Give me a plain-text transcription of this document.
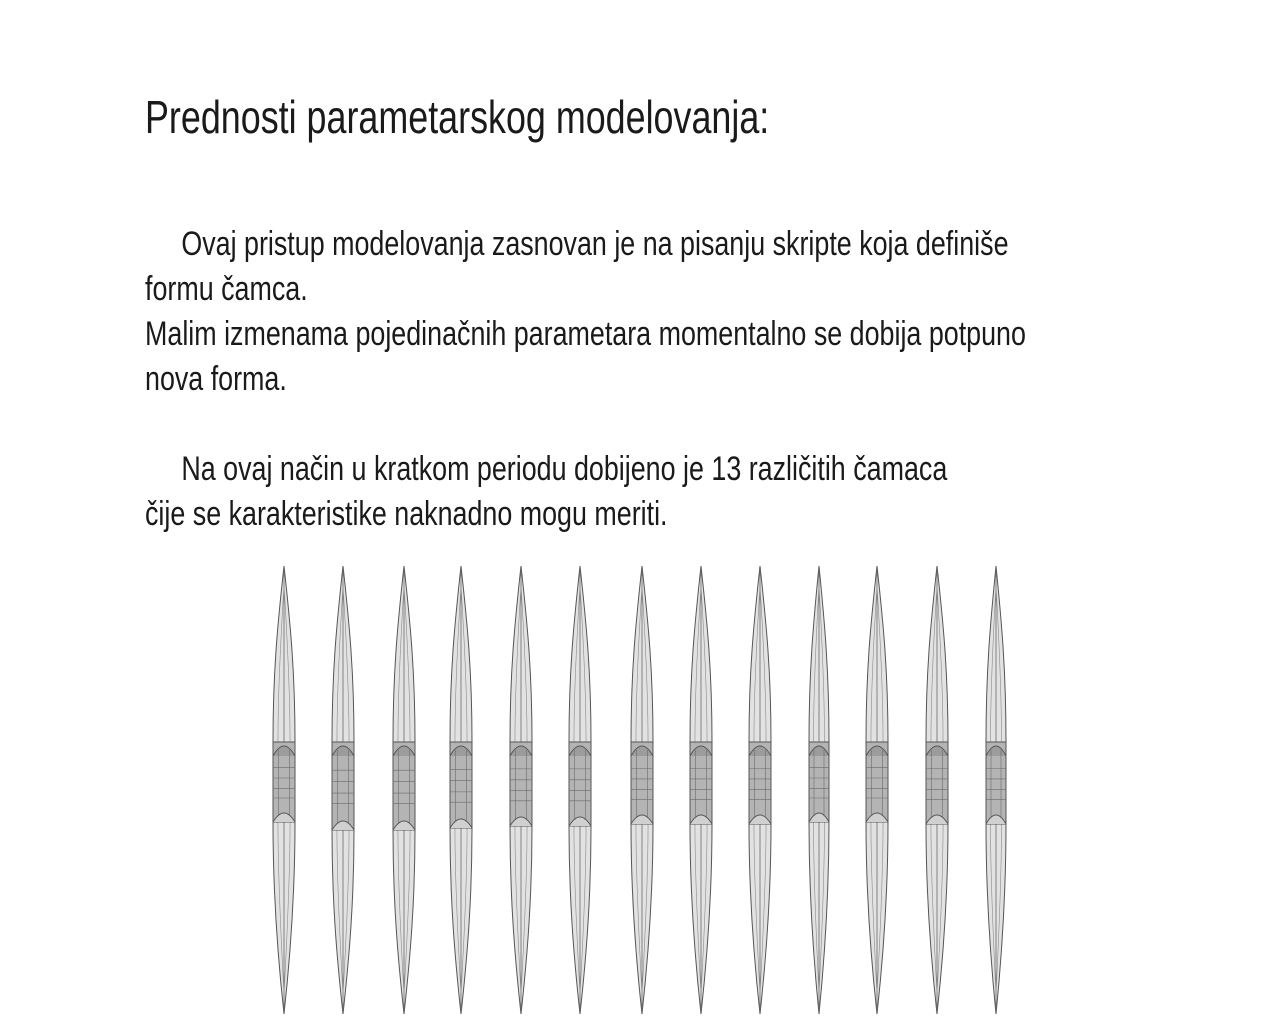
Prednosti parametarskog modelovanja:

Ovaj pristup modelovanja zasnovan je na pisanju skripte koja definiše
formu čamca.
Malim izmenama pojedinačnih parametara momentalno se dobija potpuno
nova forma.

Na ovaj način u kratkom periodu dobijeno je 13 različitih čamaca
čije se karakteristike naknadno mogu meriti.
